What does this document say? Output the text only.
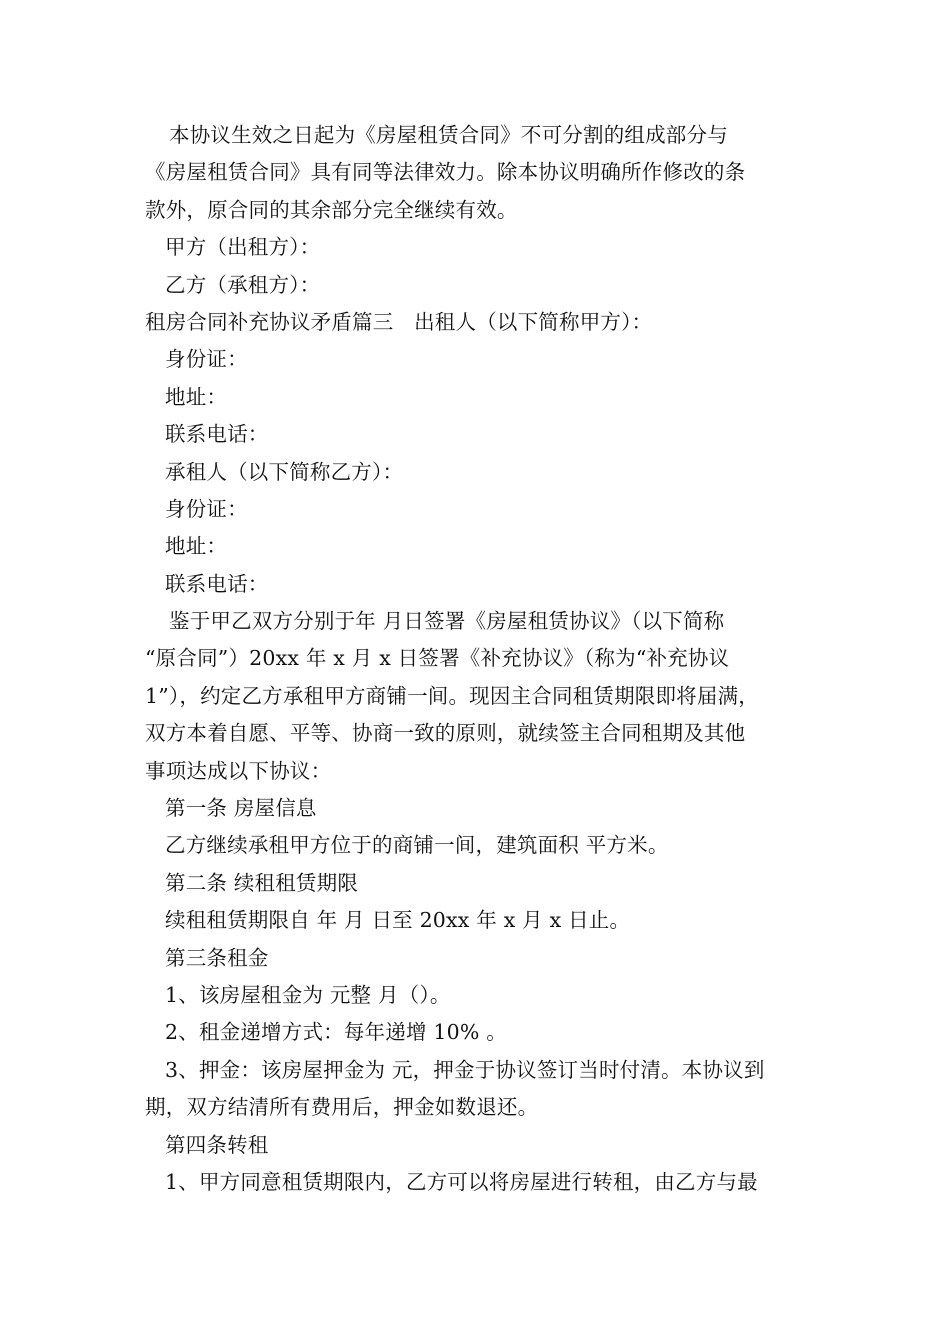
本协议生效之日起为《房屋租赁合同》不可分割的组成部分与
《房屋租赁合同》具有同等法律效力。除本协议明确所作修改的条
款外，原合同的其余部分完全继续有效。
甲方（出租方）：
乙方（承租方）：
租房合同补充协议矛盾篇三　出租人（以下简称甲方）：
身份证：
地址：
联系电话：
承租人（以下简称乙方）：
身份证：
地址：
联系电话：
鉴于甲乙双方分别于年 月日签署《房屋租赁协议》（以下简称
“原合同”）20xx 年 x 月 x 日签署《补充协议》（称为“补充协议
1”），约定乙方承租甲方商铺一间。现因主合同租赁期限即将届满，
双方本着自愿、平等、协商一致的原则，就续签主合同租期及其他
事项达成以下协议：
第一条 房屋信息
乙方继续承租甲方位于的商铺一间，建筑面积 平方米。
第二条 续租租赁期限
续租租赁期限自 年 月 日至 20xx 年 x 月 x 日止。
第三条租金
1、该房屋租金为 元整 月（）。
2、租金递增方式：每年递增 10% 。
3、押金：该房屋押金为 元，押金于协议签订当时付清。本协议到
期，双方结清所有费用后，押金如数退还。
第四条转租
1、甲方同意租赁期限内，乙方可以将房屋进行转租，由乙方与最
